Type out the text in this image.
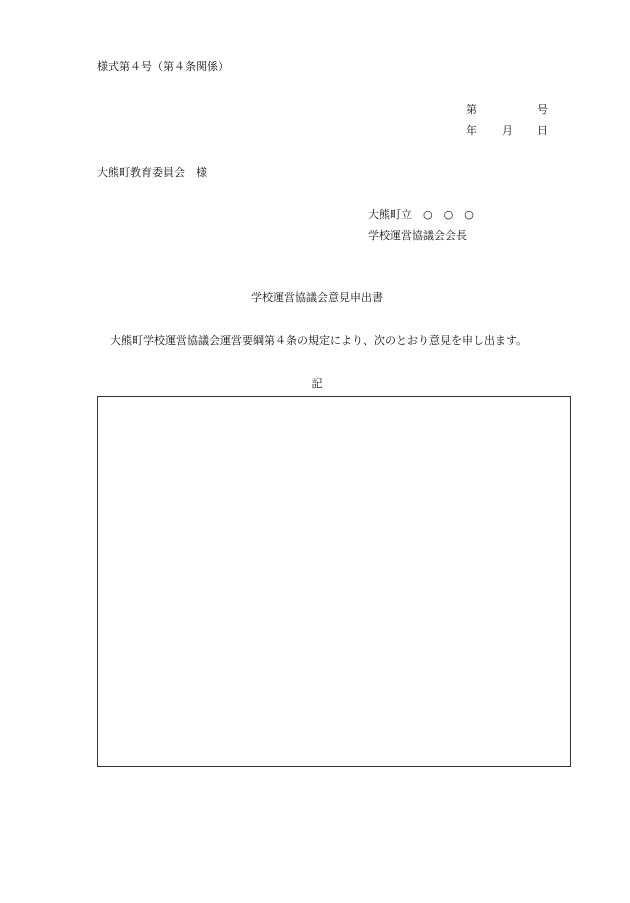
様式第４号（第４条関係）
第	号
年 月 日
大熊町教育委員会　様
大熊町立　○　○　○
学校運営協議会会長
学校運営協議会意見申出書
大熊町学校運営協議会運営要綱第４条の規定により、次のとおり意見を申し出ます。
記
